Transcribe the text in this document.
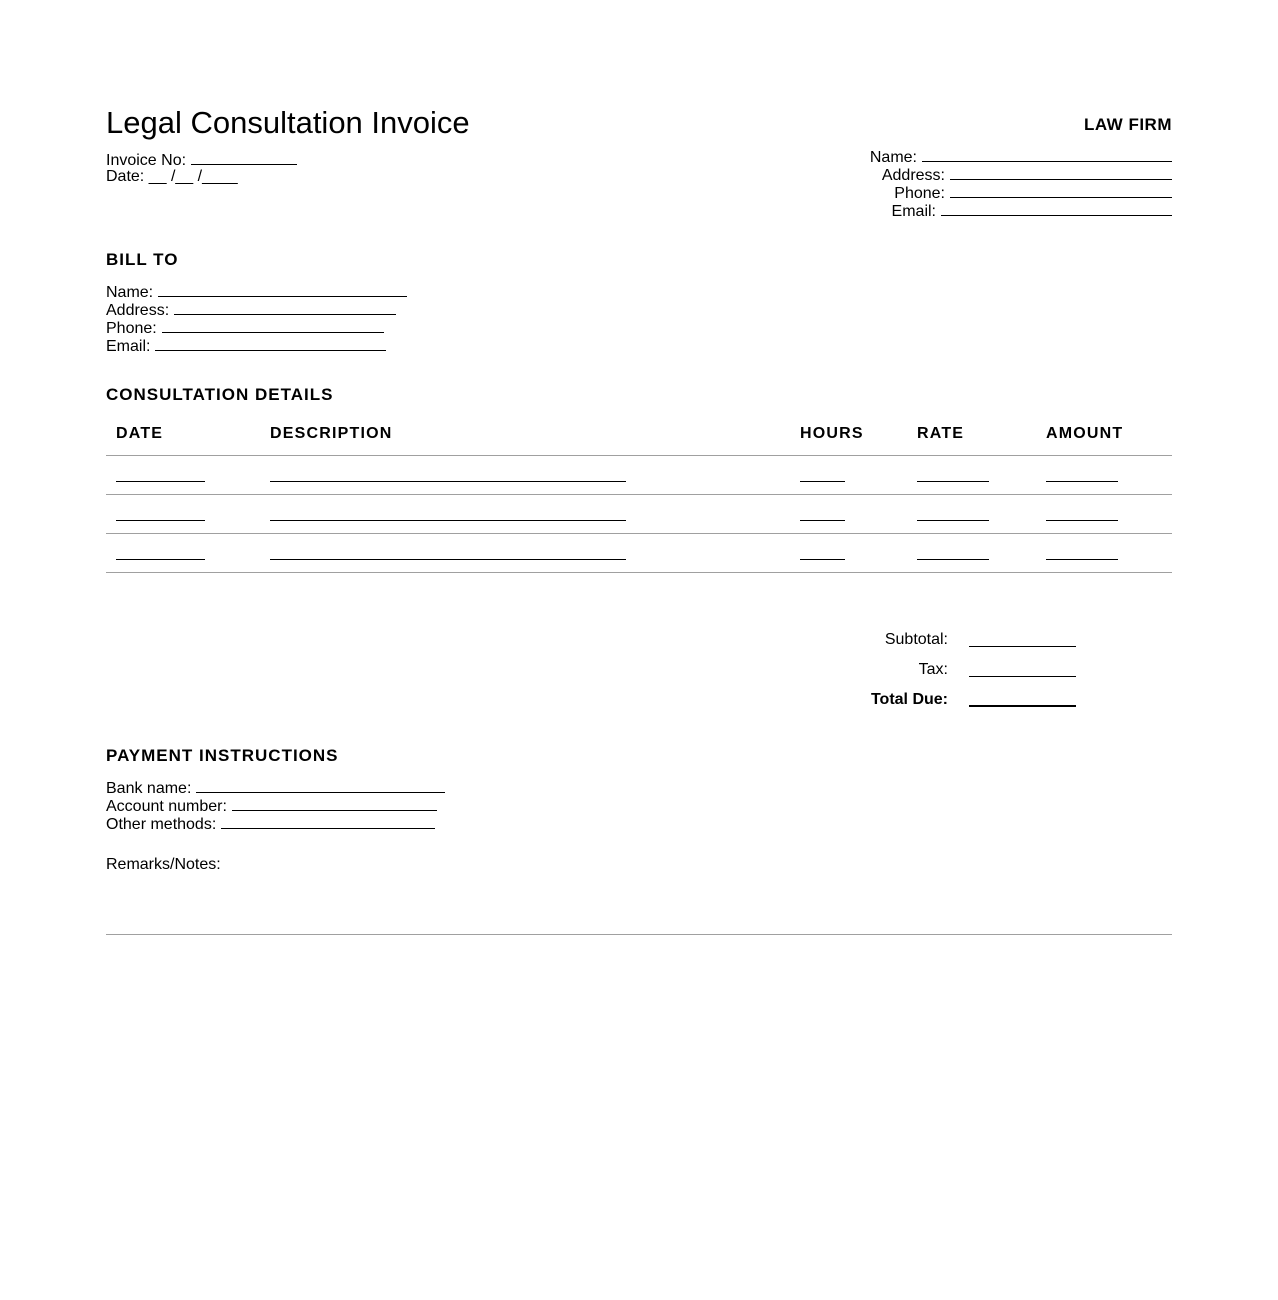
Legal Consultation Invoice
Invoice No:
Date: __ /__ /____
LAW FIRM
Name:
Address:
Phone:
Email:
BILL TO
Name:
Address:
Phone:
Email:
CONSULTATION DETAILS
DATE	DESCRIPTION	HOURS	RATE	AMOUNT
Subtotal:
Tax:
Total Due:
PAYMENT INSTRUCTIONS
Bank name:
Account number:
Other methods:
Remarks/Notes:
